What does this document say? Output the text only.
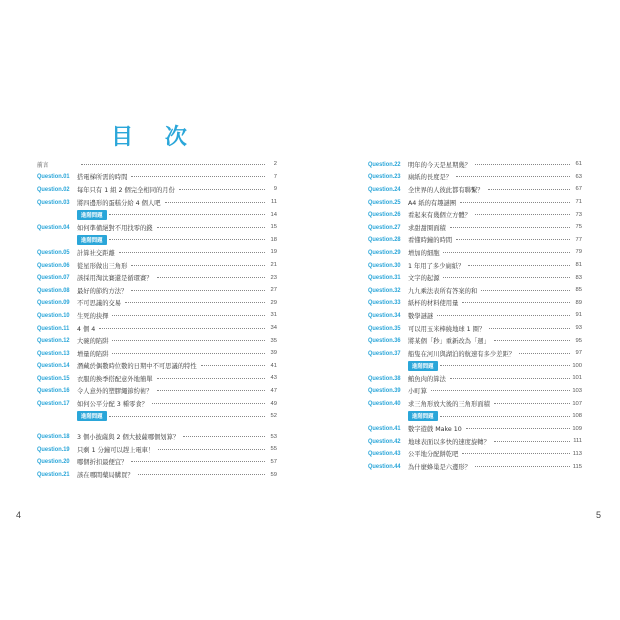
目 次
前言	2
Question.01	搭電梯所需的時間	7
Question.02	每年只有 1 組 2 個完全相同的月份	9
Question.03	將四邊形的蛋糕分給 4 個人吧	11
進階問題	14
Question.04	如何準備絕對不用找零的錢	15
進階問題	18
Question.05	計算社交距離	19
Question.06	從星形做出三角形	21
Question.07	該採用淘汰賽還是循環賽？	23
Question.08	最好的節約方法？	27
Question.09	不可思議的交易	29
Question.10	生死的抉擇	31
Question.11	4 個 4	34
Question.12	大碗的陷阱	35
Question.13	增量的陷阱	39
Question.14	潛藏於偶數時位數的日期中不可思議的特性	41
Question.15	衣服的換季搭配意外地簡單	43
Question.16	令人意外的塑膠繩節約術？	47
Question.17	如何公平分配 3 種零食？	49
進階問題	52
Question.18	3 個小披薩與 2 個大披薩哪個划算？	53
Question.19	只剩 1 分鐘可以趕上電車！	55
Question.20	哪個折扣最便宜？	57
Question.21	該在哪間藥局購買？	59
Question.22	明年的今天是星期幾？	61
Question.23	廁紙的長度是？	63
Question.24	全世界的人彼此都有聯繫？	67
Question.25	A4 紙的有趣謎團	71
Question.26	看起來有幾個立方體？	73
Question.27	求甜甜圈面積	75
Question.28	看懂時鐘的時間	77
Question.29	增加的細胞	79
Question.30	1 年用了多少廁紙？	81
Question.31	文字的起源	83
Question.32	九九乘法表所有答案的和	85
Question.33	紙杯的材料使用量	89
Question.34	數學謎謎	91
Question.35	可以用玉米棒繞地球 1 圈？	93
Question.36	將某個「秒」重新改為「週」	95
Question.37	船隻在河川與湖泊的航速有多少差距？	97
進階問題	100
Question.38	鮪魚肉的算法	101
Question.39	小町算	103
Question.40	求三角形放大後的三角形面積	107
進階問題	108
Question.41	數字遊戲 Make 10	109
Question.42	地球表面以多快的速度旋轉？	111
Question.43	公平地分配餅乾吧	113
Question.44	為什麼蜂巢是六邊形？	115
4	5
